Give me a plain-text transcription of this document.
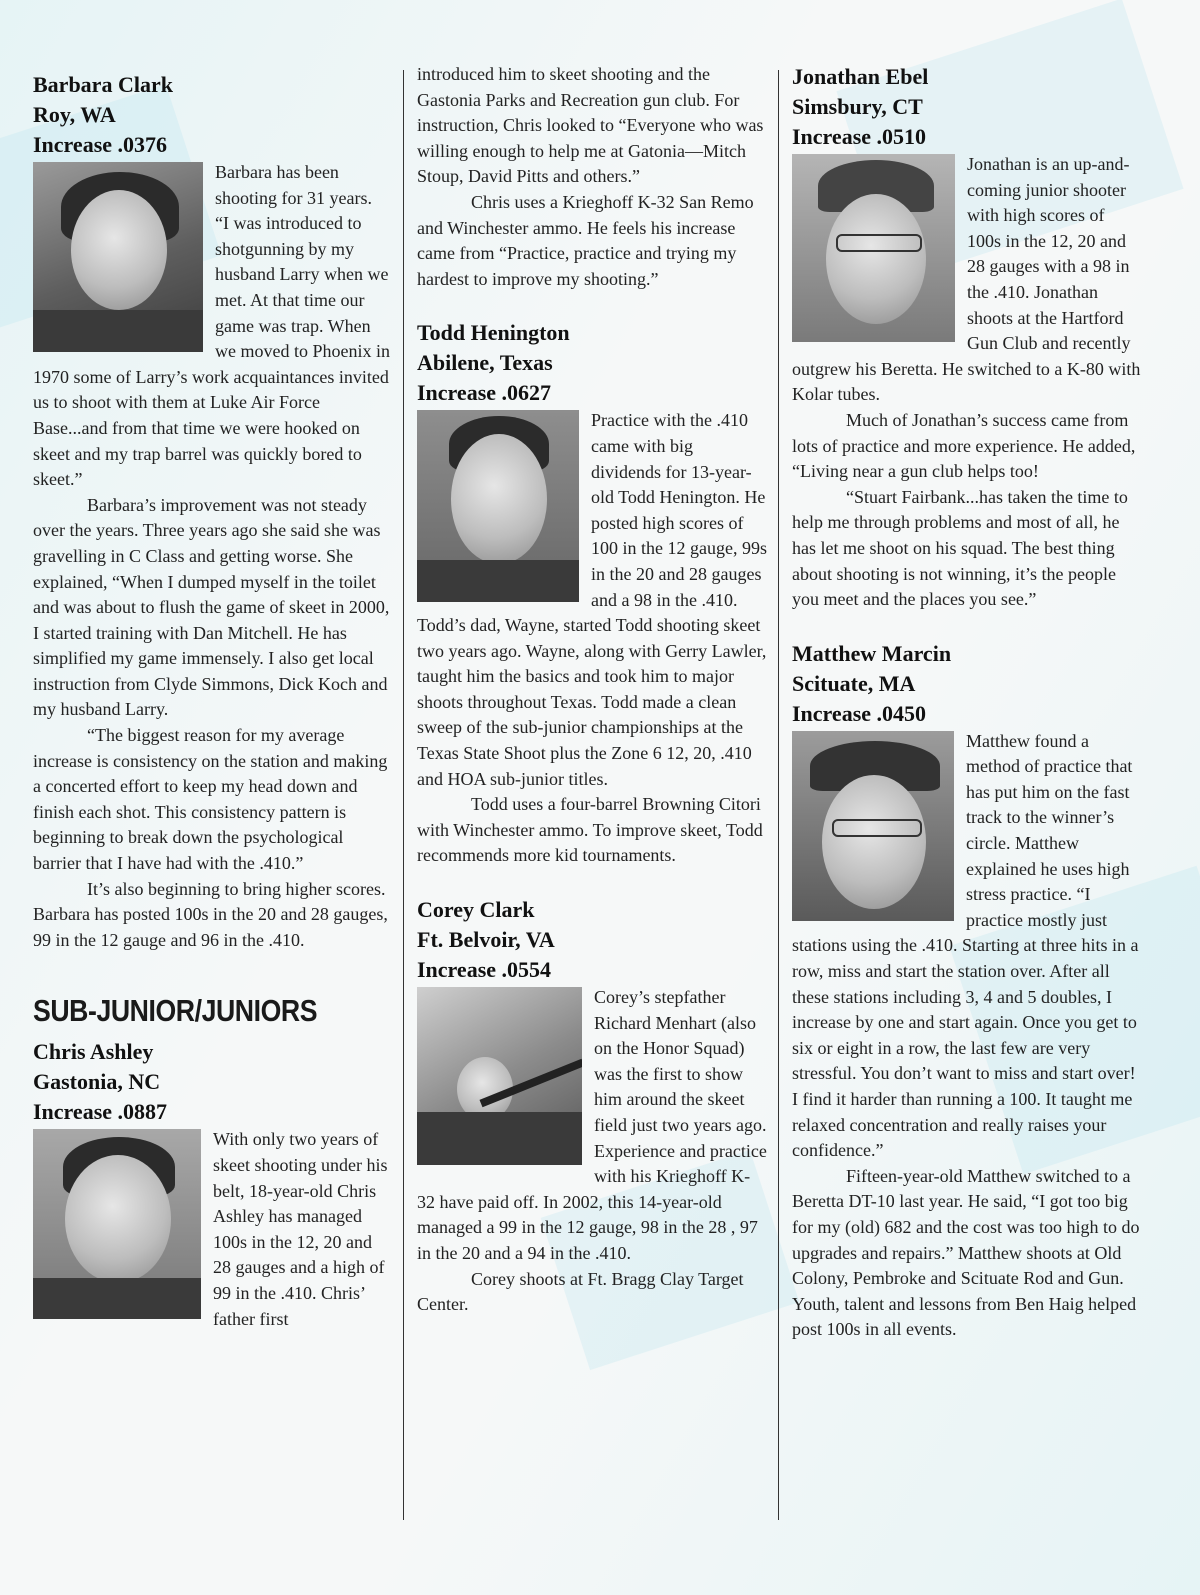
Barbara Clark
Roy, WA
Increase .0376

Barbara has been shooting for 31 years. “I was introduced to shotgunning by my husband Larry when we met. At that time our game was trap. When we moved to Phoenix in 1970 some of Larry’s work acquaintances invited us to shoot with them at Luke Air Force Base...and from that time we were hooked on skeet and my trap barrel was quickly bored to skeet.”

Barbara’s improvement was not steady over the years. Three years ago she said she was gravelling in C Class and getting worse. She explained, “When I dumped myself in the toilet and was about to flush the game of skeet in 2000, I started training with Dan Mitchell. He has simplified my game immensely. I also get local instruction from Clyde Simmons, Dick Koch and my husband Larry.

“The biggest reason for my average increase is consistency on the station and making a concerted effort to keep my head down and finish each shot. This consistency pattern is beginning to break down the psychological barrier that I have had with the .410.”

It’s also beginning to bring higher scores. Barbara has posted 100s in the 20 and 28 gauges, 99 in the 12 gauge and 96 in the .410.

SUB-JUNIOR/JUNIORS
Chris Ashley
Gastonia, NC
Increase .0887

With only two years of skeet shooting under his belt, 18-year-old Chris Ashley has managed 100s in the 12, 20 and 28 gauges and a high of 99 in the .410. Chris’ father first

introduced him to skeet shooting and the Gastonia Parks and Recreation gun club. For instruction, Chris looked to “Everyone who was willing enough to help me at Gatonia—Mitch Stoup, David Pitts and others.”

Chris uses a Krieghoff K-32 San Remo and Winchester ammo. He feels his increase came from “Practice, practice and trying my hardest to improve my shooting.”

Todd Henington
Abilene, Texas
Increase .0627

Practice with the .410 came with big dividends for 13-year-old Todd Henington. He posted high scores of 100 in the 12 gauge, 99s in the 20 and 28 gauges and a 98 in the .410. Todd’s dad, Wayne, started Todd shooting skeet two years ago. Wayne, along with Gerry Lawler, taught him the basics and took him to major shoots throughout Texas. Todd made a clean sweep of the sub-junior championships at the Texas State Shoot plus the Zone 6 12, 20, .410 and HOA sub-junior titles.

Todd uses a four-barrel Browning Citori with Winchester ammo. To improve skeet, Todd recommends more kid tournaments.

Corey Clark
Ft. Belvoir, VA
Increase .0554

Corey’s stepfather Richard Menhart (also on the Honor Squad) was the first to show him around the skeet field just two years ago. Experience and practice with his Krieghoff K-32 have paid off. In 2002, this 14-year-old managed a 99 in the 12 gauge, 98 in the 28 , 97 in the 20 and a 94 in the .410.

Corey shoots at Ft. Bragg Clay Target Center.

Jonathan Ebel
Simsbury, CT
Increase .0510

Jonathan is an up-and-coming junior shooter with high scores of 100s in the 12, 20 and 28 gauges with a 98 in the .410. Jonathan shoots at the Hartford Gun Club and recently outgrew his Beretta. He switched to a K-80 with Kolar tubes.

Much of Jonathan’s success came from lots of practice and more experience. He added, “Living near a gun club helps too!

“Stuart Fairbank...has taken the time to help me through problems and most of all, he has let me shoot on his squad. The best thing about shooting is not winning, it’s the people you meet and the places you see.”

Matthew Marcin
Scituate, MA
Increase .0450

Matthew found a method of practice that has put him on the fast track to the winner’s circle. Matthew explained he uses high stress practice. “I practice mostly just stations using the .410. Starting at three hits in a row, miss and start the station over. After all these stations including 3, 4 and 5 doubles, I increase by one and start again. Once you get to six or eight in a row, the last few are very stressful. You don’t want to miss and start over! I find it harder than running a 100. It taught me relaxed concentration and really raises your confidence.”

Fifteen-year-old Matthew switched to a Beretta DT-10 last year. He said, “I got too big for my (old) 682 and the cost was too high to do upgrades and repairs.” Matthew shoots at Old Colony, Pembroke and Scituate Rod and Gun. Youth, talent and lessons from Ben Haig helped post 100s in all events.
